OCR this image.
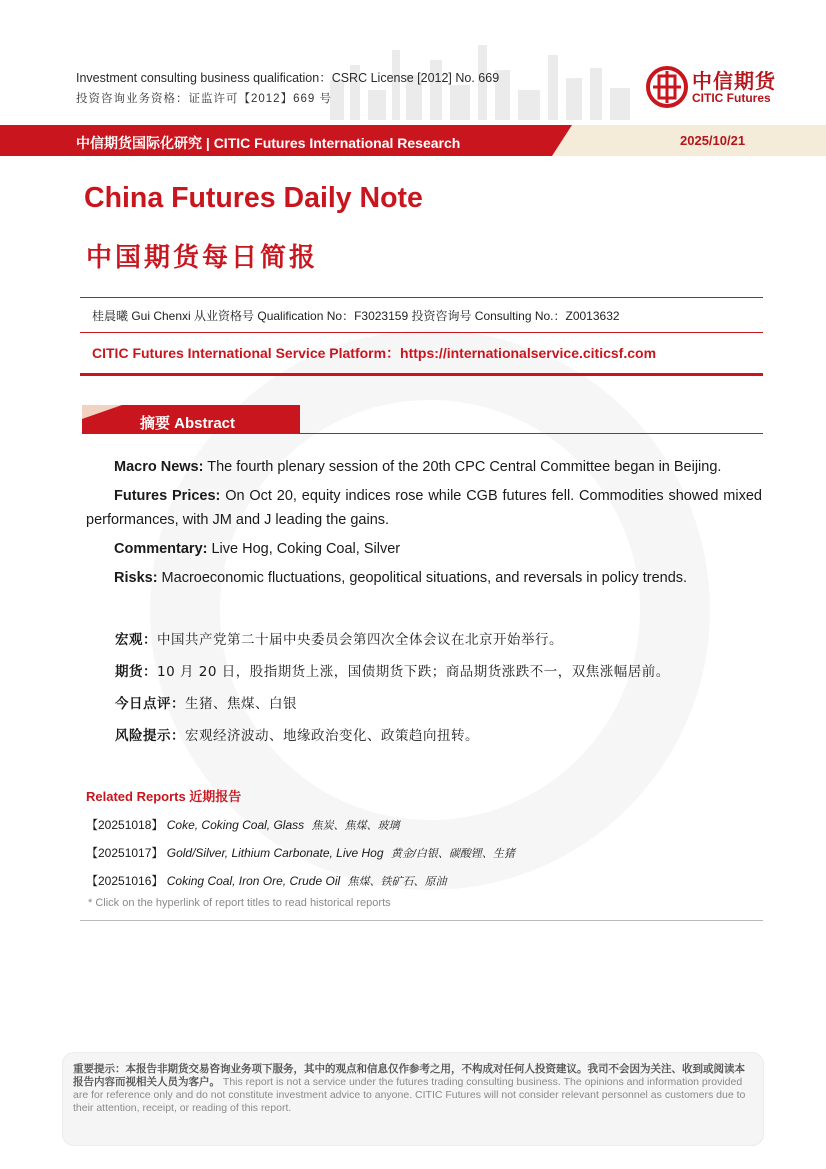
Investment consulting business qualification：CSRC License [2012] No. 669
投资咨询业务资格：证监许可【2012】669 号
中信期货
CITIC Futures
中信期货国际化研究 | CITIC Futures International Research	2025/10/21
China Futures Daily Note
中国期货每日简报
桂晨曦 Gui Chenxi 从业资格号 Qualification No：F3023159 投资咨询号 Consulting No.：Z0013632
CITIC Futures International Service Platform：https://internationalservice.citicsf.com
摘要 Abstract
Macro News: The fourth plenary session of the 20th CPC Central Committee began in Beijing.
Futures Prices: On Oct 20, equity indices rose while CGB futures fell. Commodities showed mixed performances, with JM and J leading the gains.
Commentary: Live Hog, Coking Coal, Silver
Risks: Macroeconomic fluctuations, geopolitical situations, and reversals in policy trends.
宏观：中国共产党第二十届中央委员会第四次全体会议在北京开始举行。
期货：10 月 20 日，股指期货上涨，国债期货下跌；商品期货涨跌不一，双焦涨幅居前。
今日点评：生猪、焦煤、白银
风险提示：宏观经济波动、地缘政治变化、政策趋向扭转。
Related Reports 近期报告
【20251018】 Coke, Coking Coal, Glass 焦炭、焦煤、玻璃
【20251017】 Gold/Silver, Lithium Carbonate, Live Hog 黄金/白银、碳酸锂、生猪
【20251016】 Coking Coal, Iron Ore, Crude Oil 焦煤、铁矿石、原油
* Click on the hyperlink of report titles to read historical reports
重要提示：本报告非期货交易咨询业务项下服务，其中的观点和信息仅作参考之用，不构成对任何人投资建议。我司不会因为关注、收到或阅读本报告内容而视相关人员为客户。 This report is not a service under the futures trading consulting business. The opinions and information provided are for reference only and do not constitute investment advice to anyone. CITIC Futures will not consider relevant personnel as customers due to their attention, receipt, or reading of this report.
